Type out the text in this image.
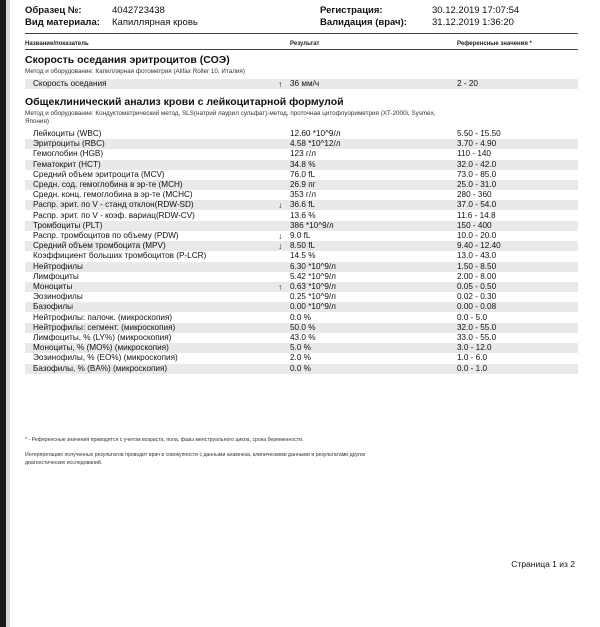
Образец №:	4042723438
Вид материала: Капиллярная кровь
Регистрация:	30.12.2019 17:07:54
Валидация (врач):	31.12.2019 1:36:20
Название/показатель	Результат	Референсные значения *
Скорость оседания эритроцитов (СОЭ)
Метод и оборудование: Капиллярная фотометрия (Alifax Roller 10, Италия)
Скорость оседания	↑ 36 мм/ч	2 - 20
Общеклинический анализ крови с лейкоцитарной формулой
Метод и оборудование: Кондуктометрический метод, SLS(натрий лаурил сульфат)-метод, проточная цитофлуориметрия (XT-2000i, Sysmex,
Япония)
Лейкоциты (WBC)	12.60 *10^9/л	5.50 - 15.50
Эритроциты (RBC)	4.58 *10^12/л	3.70 - 4.90
Гемоглобин (HGB)	123 г/л	110 - 140
Гематокрит (HCT)	34.8 %	32.0 - 42.0
Средний объем эритроцита (MCV)	76.0 fL	73.0 - 85.0
Средн. сод. гемоглобина в эр-те (MCH)	26.9 пг	25.0 - 31.0
Средн. конц. гемоглобина в эр-те (MCHC)	353 г/л	280 - 360
Распр. эрит. по V - станд отклон(RDW-SD)	↓ 36.6 fL	37.0 - 54.0
Распр. эрит. по V - коэф. вариац(RDW-CV)	13.6 %	11.6 - 14.8
Тромбоциты (PLT)	386 *10^9/л	150 - 400
Распр. тромбоцитов по объему (PDW)	↓ 9.0 fL	10.0 - 20.0
Средний объем тромбоцита (MPV)	↓ 8.50 fL	9.40 - 12.40
Коэффициент больших тромбоцитов (P-LCR)	14.5 %	13.0 - 43.0
Нейтрофилы	6.30 *10^9/л	1.50 - 8.50
Лимфоциты	5.42 *10^9/л	2.00 - 8.00
Моноциты	↑ 0.63 *10^9/л	0.05 - 0.50
Эозинофилы	0.25 *10^9/л	0.02 - 0.30
Базофилы	0.00 *10^9/л	0.00 - 0.08
Нейтрофилы: палочк. (микроскопия)	0.0 %	0.0 - 5.0
Нейтрофилы: сегмент. (микроскопия)	50.0 %	32.0 - 55.0
Лимфоциты, % (LY%) (микроскопия)	43.0 %	33.0 - 55.0
Моноциты, % (MO%) (микроскопия)	5.0 %	3.0 - 12.0
Эозинофилы, % (EO%) (микроскопия)	2.0 %	1.0 - 6.0
Базофилы, % (BA%) (микроскопия)	0.0 %	0.0 - 1.0
* - Референсные значения приводятся с учетом возраста, пола, фазы менструального цикла, срока беременности.
Интерпретацию полученных результатов проводит врач в совокупности с данными анамнеза, клиническими данными и результатами других
диагностических исследований.
Страница 1 из 2
